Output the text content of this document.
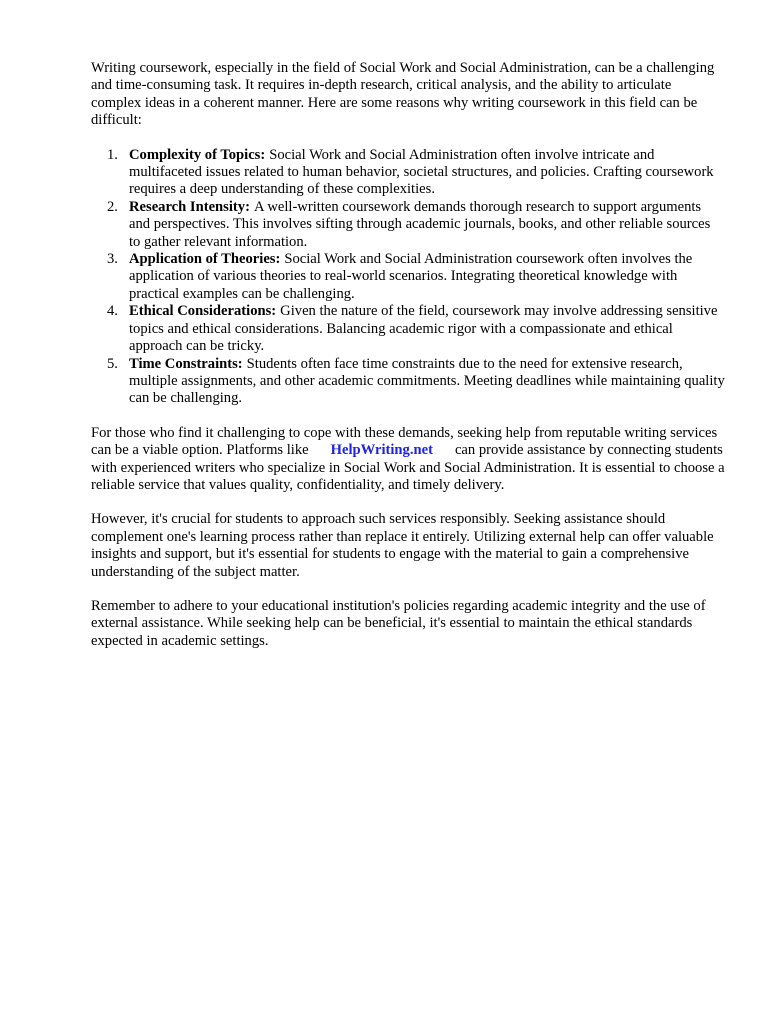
Writing coursework, especially in the field of Social Work and Social Administration, can be a challenging and time-consuming task. It requires in-depth research, critical analysis, and the ability to articulate complex ideas in a coherent manner. Here are some reasons why writing coursework in this field can be difficult:

1. Complexity of Topics: Social Work and Social Administration often involve intricate and multifaceted issues related to human behavior, societal structures, and policies. Crafting coursework requires a deep understanding of these complexities.
2. Research Intensity: A well-written coursework demands thorough research to support arguments and perspectives. This involves sifting through academic journals, books, and other reliable sources to gather relevant information.
3. Application of Theories: Social Work and Social Administration coursework often involves the application of various theories to real-world scenarios. Integrating theoretical knowledge with practical examples can be challenging.
4. Ethical Considerations: Given the nature of the field, coursework may involve addressing sensitive topics and ethical considerations. Balancing academic rigor with a compassionate and ethical approach can be tricky.
5. Time Constraints: Students often face time constraints due to the need for extensive research, multiple assignments, and other academic commitments. Meeting deadlines while maintaining quality can be challenging.

For those who find it challenging to cope with these demands, seeking help from reputable writing services can be a viable option. Platforms like HelpWriting.net can provide assistance by connecting students with experienced writers who specialize in Social Work and Social Administration. It is essential to choose a reliable service that values quality, confidentiality, and timely delivery.

However, it's crucial for students to approach such services responsibly. Seeking assistance should complement one's learning process rather than replace it entirely. Utilizing external help can offer valuable insights and support, but it's essential for students to engage with the material to gain a comprehensive understanding of the subject matter.

Remember to adhere to your educational institution's policies regarding academic integrity and the use of external assistance. While seeking help can be beneficial, it's essential to maintain the ethical standards expected in academic settings.
